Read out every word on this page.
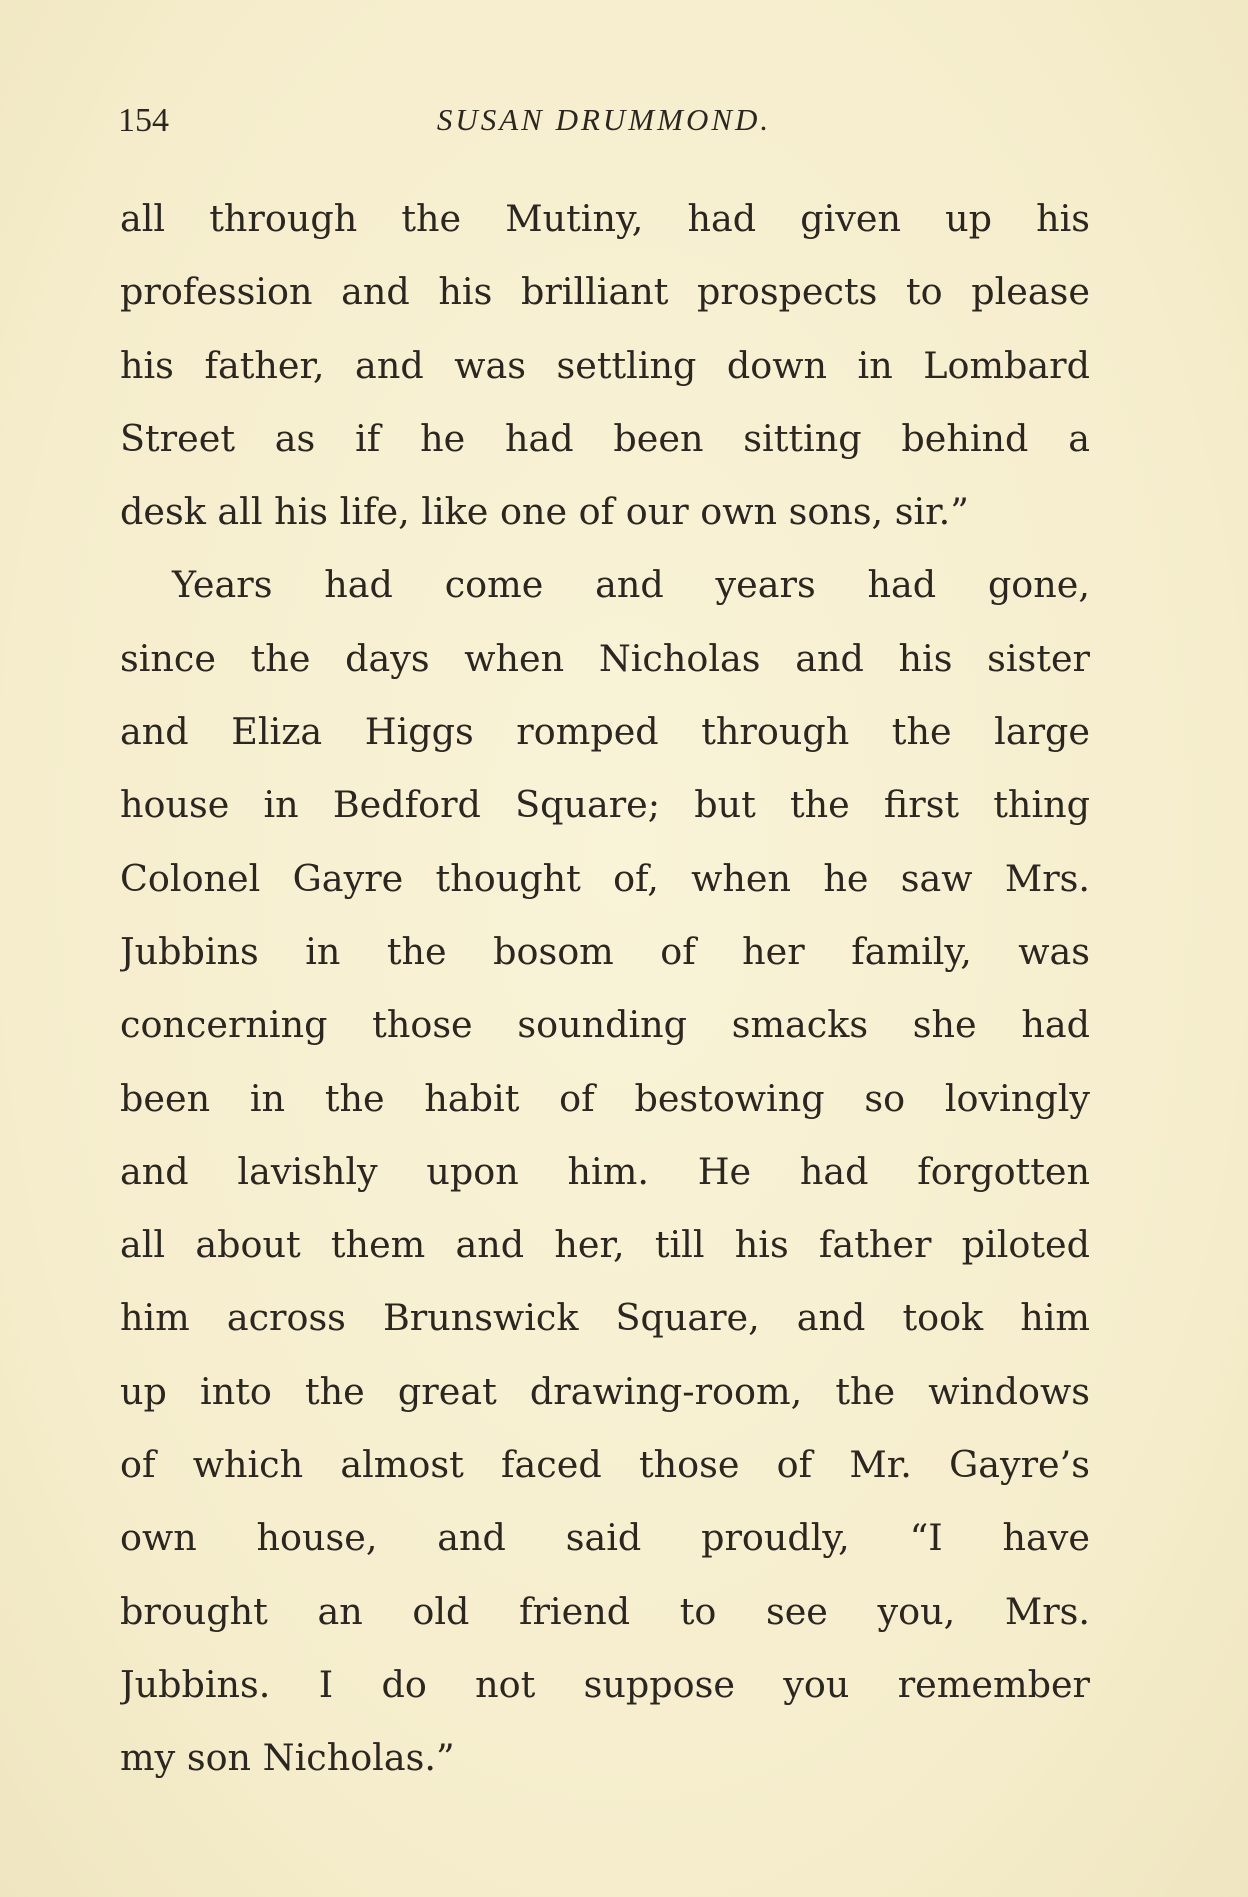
154	SUSAN DRUMMOND.
all through the Mutiny, had given up his
profession and his brilliant prospects to please
his father, and was settling down in Lombard
Street as if he had been sitting behind a
desk all his life, like one of our own sons, sir.”
Years had come and years had gone,
since the days when Nicholas and his sister
and Eliza Higgs romped through the large
house in Bedford Square; but the first thing
Colonel Gayre thought of, when he saw Mrs.
Jubbins in the bosom of her family, was
concerning those sounding smacks she had
been in the habit of bestowing so lovingly
and lavishly upon him. He had forgotten
all about them and her, till his father piloted
him across Brunswick Square, and took him
up into the great drawing-room, the windows
of which almost faced those of Mr. Gayre’s
own house, and said proudly, “I have
brought an old friend to see you, Mrs.
Jubbins. I do not suppose you remember
my son Nicholas.”
